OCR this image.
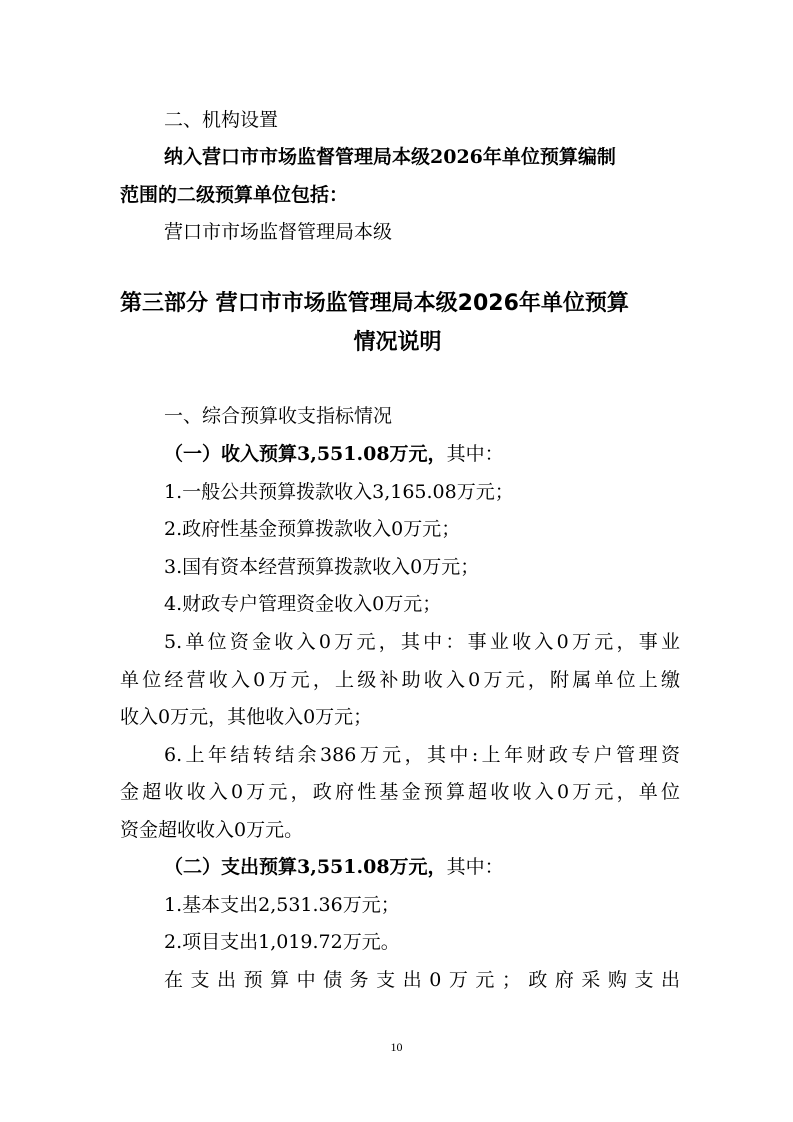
二、机构设置
纳入营口市市场监督管理局本级2026年单位预算编制
范围的二级预算单位包括：
营口市市场监督管理局本级
第三部分 营口市市场监管理局本级2026年单位预算
情况说明
一、综合预算收支指标情况
（一）收入预算3,551.08万元，其中：
1.一般公共预算拨款收入3,165.08万元；
2.政府性基金预算拨款收入0万元；
3.国有资本经营预算拨款收入0万元；
4.财政专户管理资金收入0万元；
5.单位资金收入0万元，其中：事业收入0万元，事业
单位经营收入0万元，上级补助收入0万元，附属单位上缴
收入0万元，其他收入0万元；
6.上年结转结余386万元，其中:上年财政专户管理资
金超收收入0万元，政府性基金预算超收收入0万元，单位
资金超收收入0万元。
（二）支出预算3,551.08万元，其中：
1.基本支出2,531.36万元；
2.项目支出1,019.72万元。
在支出预算中债务支出0万元；政府采购支出
10
